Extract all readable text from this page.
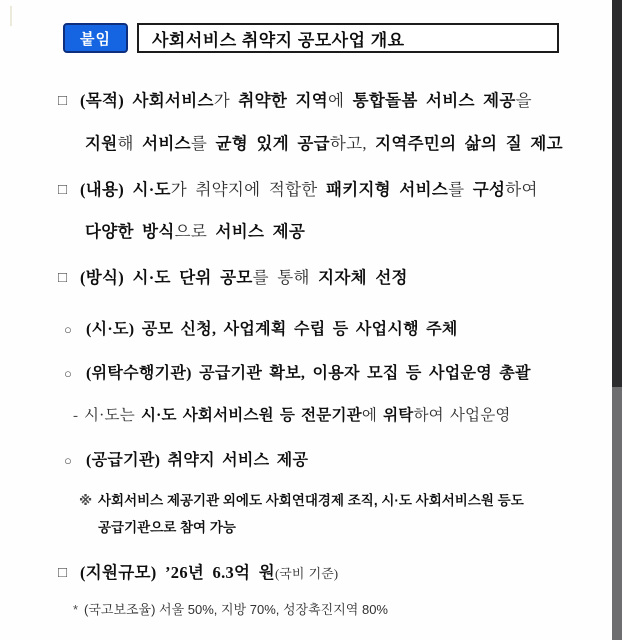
붙임 사회서비스 취약지 공모사업 개요
□ (목적) 사회서비스가 취약한 지역에 통합돌봄 서비스 제공을
지원해 서비스를 균형 있게 공급하고, 지역주민의 삶의 질 제고
□ (내용) 시·도가 취약지에 적합한 패키지형 서비스를 구성하여
다양한 방식으로 서비스 제공
□ (방식) 시·도 단위 공모를 통해 지자체 선정
○ (시·도) 공모 신청, 사업계획 수립 등 사업시행 주체
○ (위탁수행기관) 공급기관 확보, 이용자 모집 등 사업운영 총괄
- 시·도는 시·도 사회서비스원 등 전문기관에 위탁하여 사업운영
○ (공급기관) 취약지 서비스 제공
※ 사회서비스 제공기관 외에도 사회연대경제 조직, 시·도 사회서비스원 등도
공급기관으로 참여 가능
□ (지원규모) ’26년 6.3억 원(국비 기준)
* (국고보조율) 서울 50%, 지방 70%, 성장촉진지역 80%
